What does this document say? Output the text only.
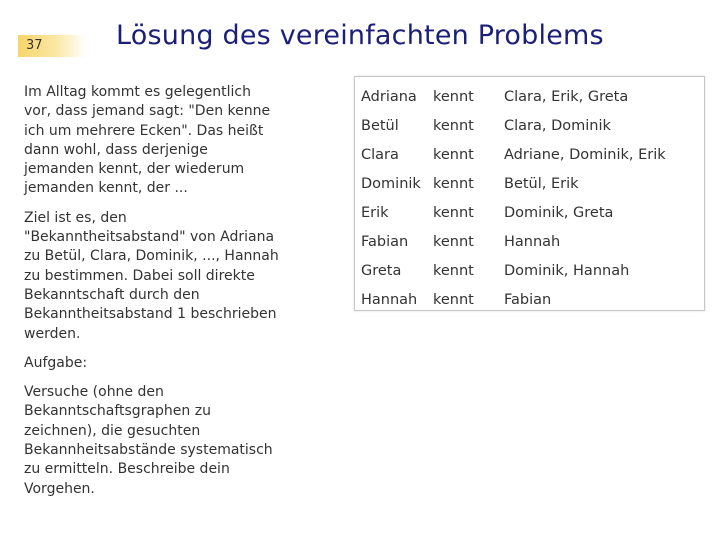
37	Lösung des vereinfachten Problems

Im Alltag kommt es gelegentlich vor, dass jemand sagt: "Den kenne ich um mehrere Ecken". Das heißt dann wohl, dass derjenige jemanden kennt, der wiederum jemanden kennt, der ...

Ziel ist es, den "Bekanntheitsabstand" von Adriana zu Betül, Clara, Dominik, ..., Hannah zu bestimmen. Dabei soll direkte Bekanntschaft durch den Bekanntheitsabstand 1 beschrieben werden.

Aufgabe:

Versuche (ohne den Bekanntschaftsgraphen zu zeichnen), die gesuchten Bekannheitsabstände systematisch zu ermitteln. Beschreibe dein Vorgehen.

Adriana	kennt	Clara, Erik, Greta
Betül	kennt	Clara, Dominik
Clara	kennt	Adriane, Dominik, Erik
Dominik	kennt	Betül, Erik
Erik	kennt	Dominik, Greta
Fabian	kennt	Hannah
Greta	kennt	Dominik, Hannah
Hannah	kennt	Fabian
